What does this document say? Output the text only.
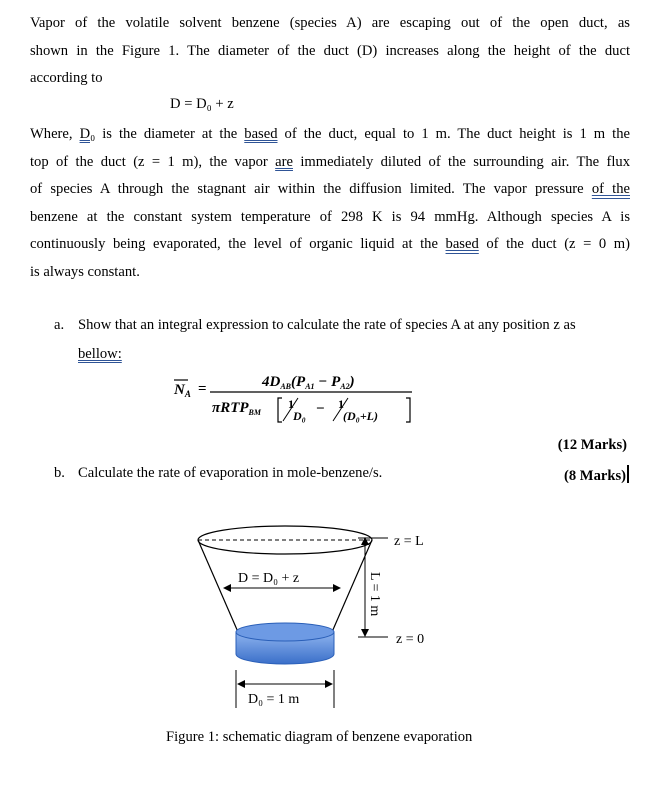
Vapor of the volatile solvent benzene (species A) are escaping out of the open duct, as
shown in the Figure 1. The diameter of the duct (D) increases along the height of the duct
according to
D = D₀ + z
Where, D₀ is the diameter at the based of the duct, equal to 1 m. The duct height is 1 m the
top of the duct (z = 1 m), the vapor are immediately diluted of the surrounding air. The flux
of species A through the stagnant air within the diffusion limited. The vapor pressure of the
benzene at the constant system temperature of 298 K is 94 mmHg. Although species A is
continuously being evaporated, the level of organic liquid at the based of the duct (z = 0 m)
is always constant.
a. Show that an integral expression to calculate the rate of species A at any position z as
bellow:
$N_A$ =	$4D_{AB}(P_{A1} - P_{A2})$
πRTP$_{BM}$
1
D₀ − 1
(D₀+L)
(12 Marks)
b. Calculate the rate of evaporation in mole-benzene/s.	(8 Marks)
D = D₀ + z	L = 1 m
z = L
z = 0
D₀ = 1 m
Figure 1: schematic diagram of benzene evaporation
